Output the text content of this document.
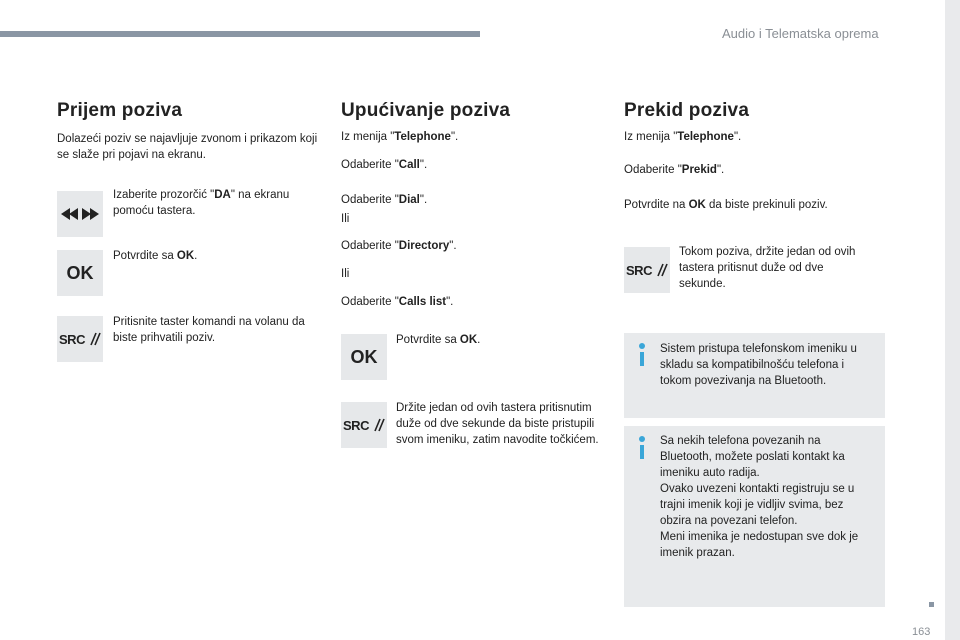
Audio i Telematska oprema
Prijem poziva
Dolazeći poziv se najavljuje zvonom i prikazom koji se slaže pri pojavi na ekranu.
Izaberite prozorčić "DA" na ekranu pomoću tastera.
OK
Potvrdite sa OK.
SRC
Pritisnite taster komandi na volanu da biste prihvatili poziv.
Upućivanje poziva
Iz menija "Telephone".
Odaberite "Call".
Odaberite "Dial".
Ili
Odaberite "Directory".
Ili
Odaberite "Calls list".
OK
Potvrdite sa OK.
SRC
Držite jedan od ovih tastera pritisnutim duže od dve sekunde da biste pristupili svom imeniku, zatim navodite točkićem.
Prekid poziva
Iz menija "Telephone".
Odaberite "Prekid".
Potvrdite na OK da biste prekinuli poziv.
SRC
Tokom poziva, držite jedan od ovih tastera pritisnut duže od dve sekunde.
Sistem pristupa telefonskom imeniku u skladu sa kompatibilnošću telefona i tokom povezivanja na Bluetooth.
Sa nekih telefona povezanih na Bluetooth, možete poslati kontakt ka imeniku auto radija.
Ovako uvezeni kontakti registruju se u trajni imenik koji je vidljiv svima, bez obzira na povezani telefon.
Meni imenika je nedostupan sve dok je imenik prazan.
163
